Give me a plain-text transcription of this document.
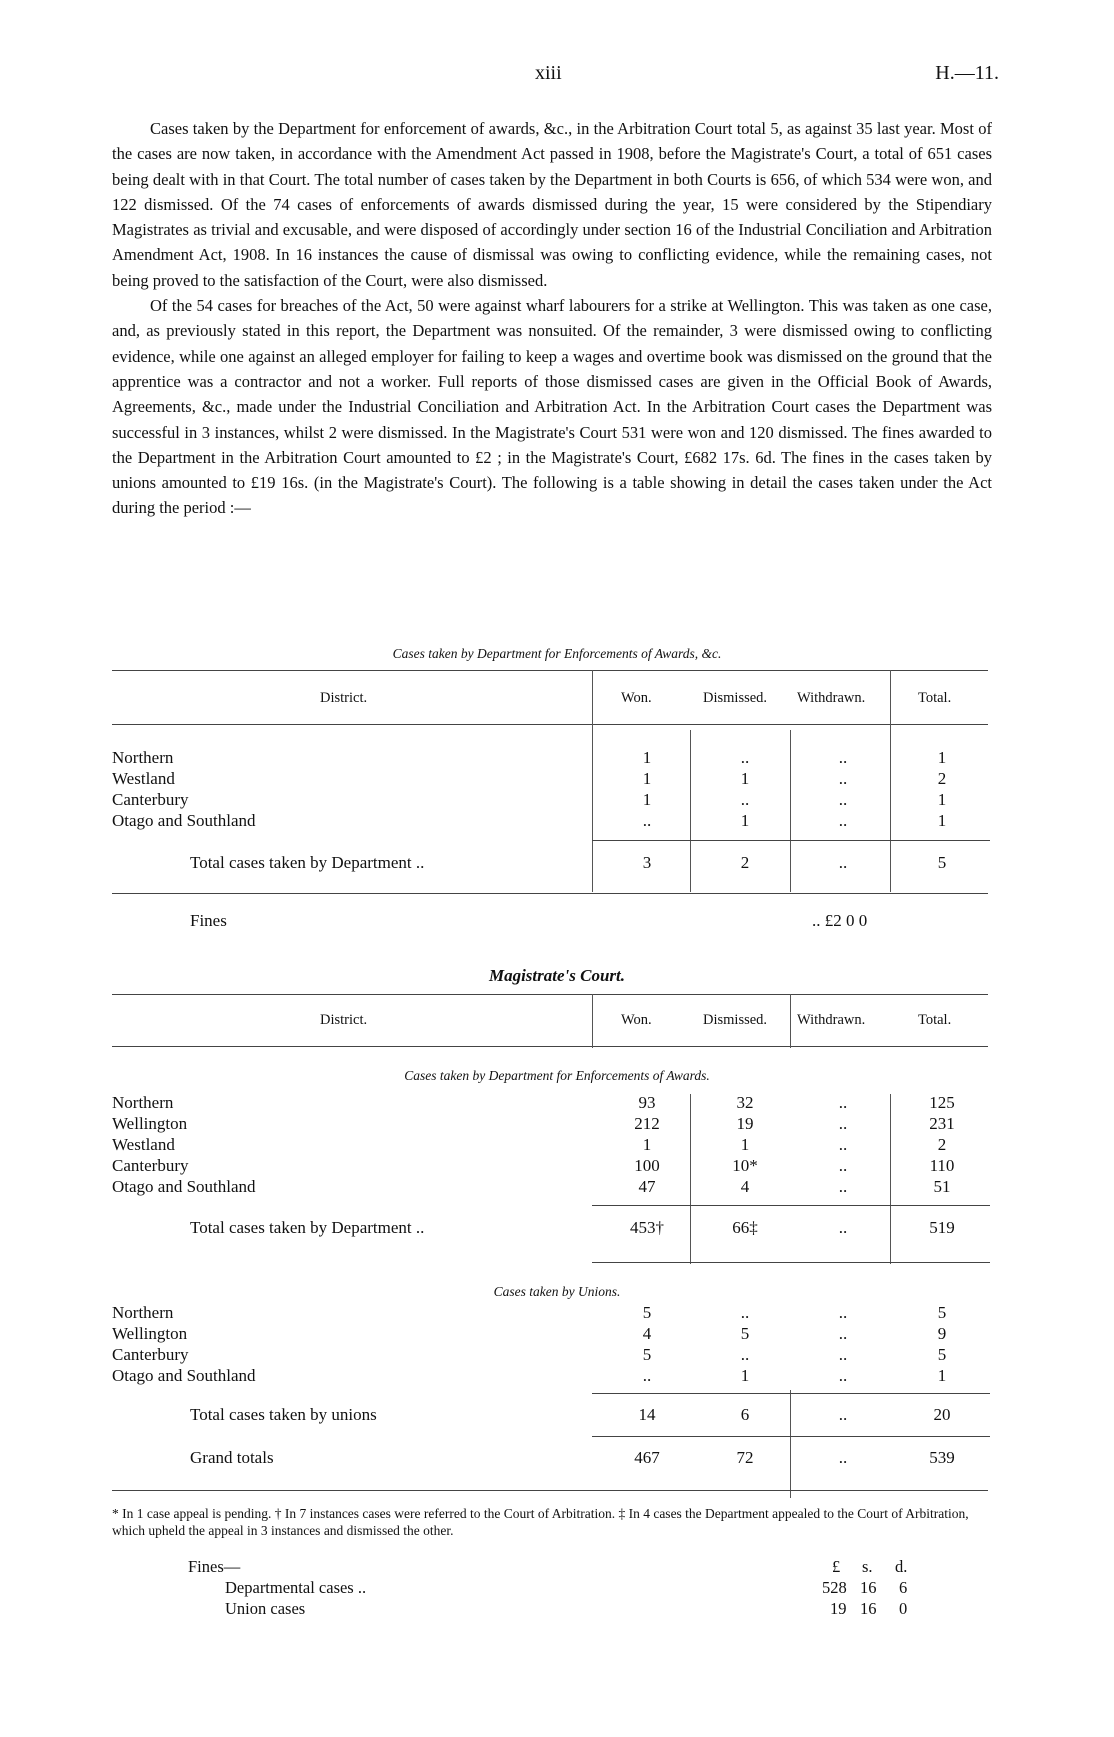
xiii	H.—11.

Cases taken by the Department for enforcement of awards, &c., in the Arbitration Court total 5, as against 35 last year. Most of the cases are now taken, in accordance with the Amendment Act passed in 1908, before the Magistrate's Court, a total of 651 cases being dealt with in that Court. The total number of cases taken by the Department in both Courts is 656, of which 534 were won, and 122 dismissed. Of the 74 cases of enforcements of awards dismissed during the year, 15 were considered by the Stipendiary Magistrates as trivial and excusable, and were disposed of accordingly under section 16 of the Industrial Conciliation and Arbitration Amendment Act, 1908. In 16 instances the cause of dismissal was owing to conflicting evidence, while the remaining cases, not being proved to the satisfaction of the Court, were also dismissed.

Of the 54 cases for breaches of the Act, 50 were against wharf labourers for a strike at Wellington. This was taken as one case, and, as previously stated in this report, the Department was nonsuited. Of the remainder, 3 were dismissed owing to conflicting evidence, while one against an alleged employer for failing to keep a wages and overtime book was dismissed on the ground that the apprentice was a contractor and not a worker. Full reports of those dismissed cases are given in the Official Book of Awards, Agreements, &c., made under the Industrial Conciliation and Arbitration Act. In the Arbitration Court cases the Department was successful in 3 instances, whilst 2 were dismissed. In the Magistrate's Court 531 were won and 120 dismissed. The fines awarded to the Department in the Arbitration Court amounted to £2 ; in the Magistrate's Court, £682 17s. 6d. The fines in the cases taken by unions amounted to £19 16s. (in the Magistrate's Court). The following is a table showing in detail the cases taken under the Act during the period :—

Cases taken by Department for Enforcements of Awards, &c.
District.	Won.	Dismissed. Withdrawn.	Total.
Northern	1	..	..	1
Westland	1	1	..	2
Canterbury	1	..	..	1
Otago and Southland	..	1	..	1
Total cases taken by Department ..	3	2	..	5
Fines	.. £2 0 0
Magistrate's Court.
District.	Won.	Dismissed. Withdrawn.	Total.
Cases taken by Department for Enforcements of Awards.
Northern	93	32	..	125
Wellington	212	19	..	231
Westland	1	1	..	2
Canterbury	100	10*	..	110
Otago and Southland	47	4	..	51
Total cases taken by Department ..	453†	66‡	..	519
Cases taken by Unions.
Northern	5	..	..	5
Wellington	4	5	..	9
Canterbury	5	..	..	5
Otago and Southland	..	1	..	1
Total cases taken by unions	14	6	..	20
Grand totals	467	72	..	539
* In 1 case appeal is pending. † In 7 instances cases were referred to the Court of Arbitration. ‡ In 4 cases the Department appealed to the Court of Arbitration, which upheld the appeal in 3 instances and dismissed the other.
Fines—	£ s. d.
Departmental cases ..	528 16 6
Union cases	19 16 0
